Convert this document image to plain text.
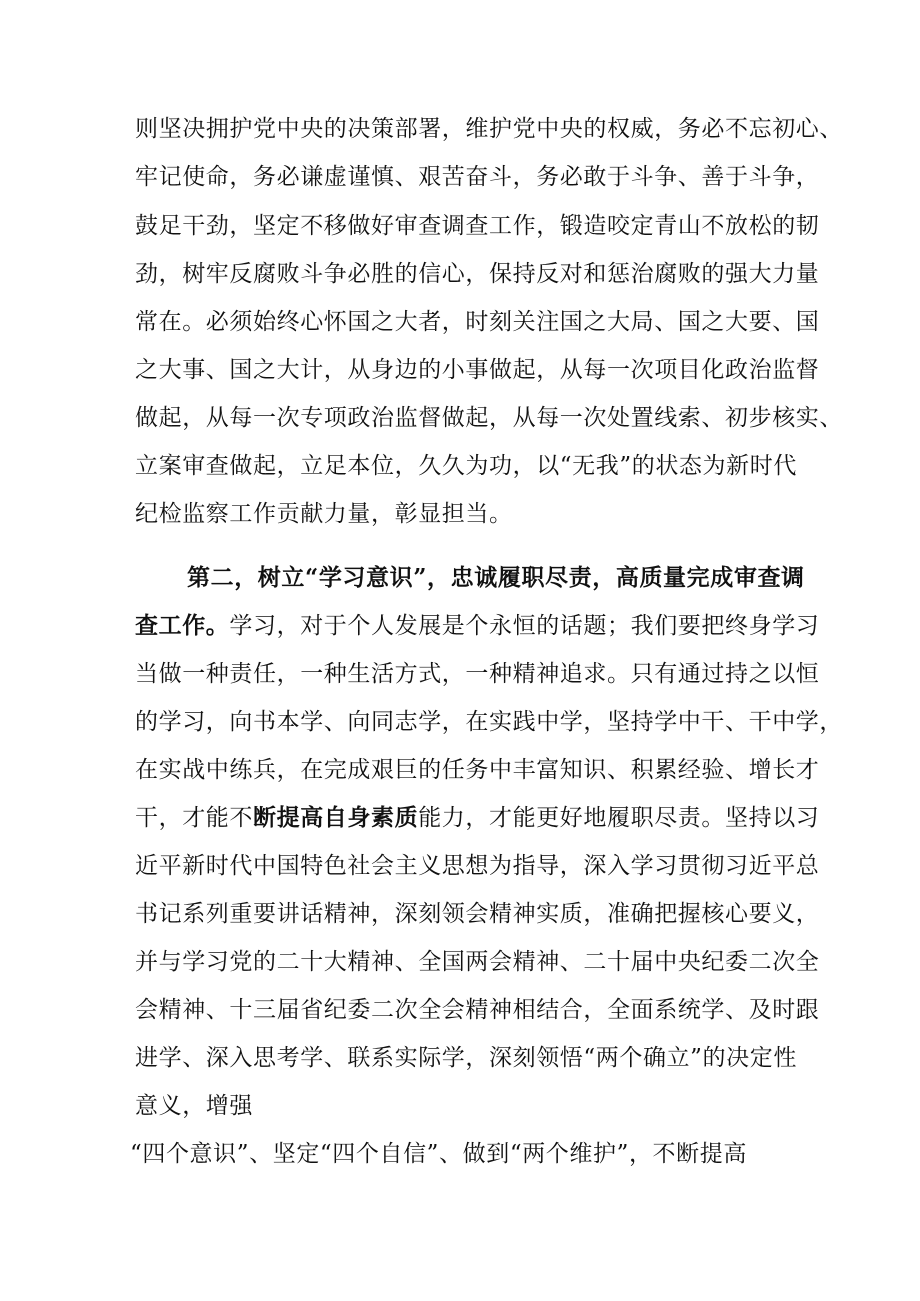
则坚决拥护党中央的决策部署，维护党中央的权威，务必不忘初心、
牢记使命，务必谦虚谨慎、艰苦奋斗，务必敢于斗争、善于斗争，
鼓足干劲，坚定不移做好审查调查工作，锻造咬定青山不放松的韧
劲，树牢反腐败斗争必胜的信心，保持反对和惩治腐败的强大力量
常在。必须始终心怀国之大者，时刻关注国之大局、国之大要、国
之大事、国之大计，从身边的小事做起，从每一次项目化政治监督
做起，从每一次专项政治监督做起，从每一次处置线索、初步核实、
立案审查做起，立足本位，久久为功，以“无我”的状态为新时代
纪检监察工作贡献力量，彰显担当。
第二，树立“学习意识”，忠诚履职尽责，高质量完成审查调
查工作。学习，对于个人发展是个永恒的话题；我们要把终身学习
当做一种责任，一种生活方式，一种精神追求。只有通过持之以恒
的学习，向书本学、向同志学，在实践中学，坚持学中干、干中学，
在实战中练兵，在完成艰巨的任务中丰富知识、积累经验、增长才
干，才能不断提高自身素质能力，才能更好地履职尽责。坚持以习
近平新时代中国特色社会主义思想为指导，深入学习贯彻习近平总
书记系列重要讲话精神，深刻领会精神实质，准确把握核心要义，
并与学习党的二十大精神、全国两会精神、二十届中央纪委二次全
会精神、十三届省纪委二次全会精神相结合，全面系统学、及时跟
进学、深入思考学、联系实际学，深刻领悟“两个确立”的决定性
意义，增强
“四个意识”、坚定“四个自信”、做到“两个维护”，不断提高
